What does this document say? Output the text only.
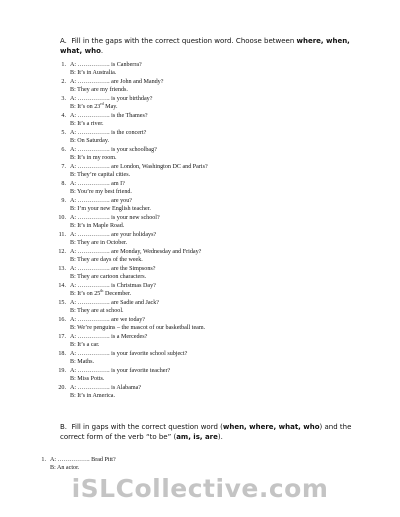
A. Fill in the gaps with the correct question word. Choose between where, when,
what, who.
1. A: ……………. is Canberra?
B: It’s in Australia.
2. A: ……………. are John and Mandy?
B: They are my friends.
3. A: ……………. is your birthday?
B: It’s on 23rd May.
4. A: ……………. is the Thames?
B: It’s a river.
5. A: ……………. is the concert?
B: On Saturday.
6. A: ……………. is your schoolbag?
B: It’s in my room.
7. A: ……………. are London, Washington DC and Paris?
B: They’re capital cities.
8. A: ……………. am I?
B: You’re my best friend.
9. A: ……………. are you?
B: I’m your new English teacher.
10. A: ……………. is your new school?
B: It’s in Maple Road.
11. A: ……………. are your holidays?
B: They are in October.
12. A: ……………. are Monday, Wednesday and Friday?
B: They are days of the week.
13. A: ……………. are the Simpsons?
B: They are cartoon characters.
14. A: ……………. is Christmas Day?
B: It’s on 25th December.
15. A: ……………. are Sadie and Jack?
B: They are at school.
16. A: ……………. are we today?
B: We’re penguins – the mascot of our basketball team.
17. A: ……………. is a Mercedes?
B: It’s a car.
18. A: ……………. is your favorite school subject?
B: Maths.
19. A: ……………. is your favorite teacher?
B: Miss Potts.
20. A: ……………. is Alabama?
B: It’s in America.
B. Fill in gaps with the correct question word (when, where, what, who) and the correct form of the verb “to be” (am, is, are).
1. A: ……………. Brad Pitt?
B: An actor.
iSLCollective.com
